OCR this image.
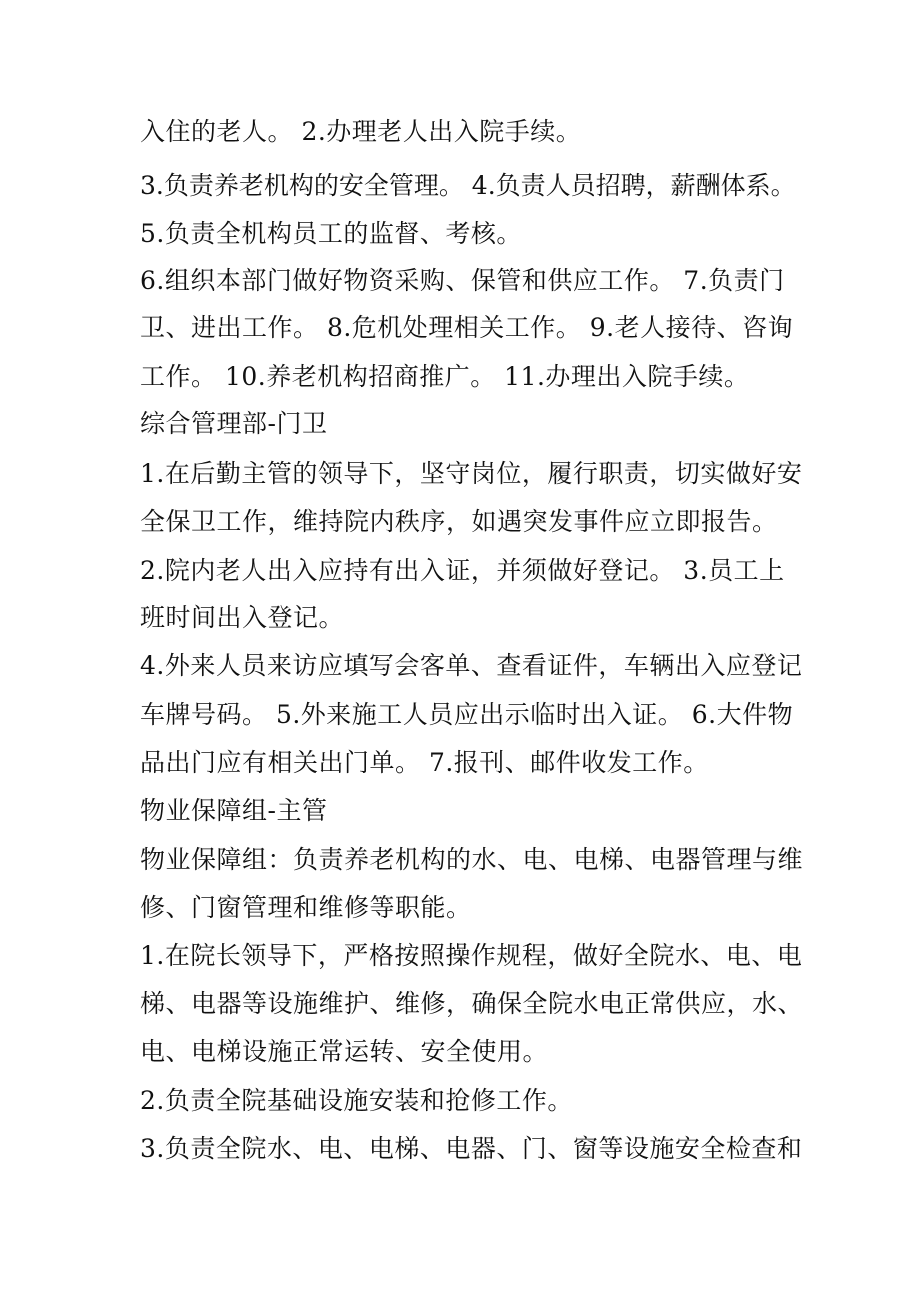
入住的老人。 2.办理老人出入院手续。
3.负责养老机构的安全管理。 4.负责人员招聘，薪酬体系。
5.负责全机构员工的监督、考核。
6.组织本部门做好物资采购、保管和供应工作。 7.负责门
卫、进出工作。 8.危机处理相关工作。 9.老人接待、咨询
工作。 10.养老机构招商推广。 11.办理出入院手续。
综合管理部-门卫
1.在后勤主管的领导下，坚守岗位，履行职责，切实做好安
全保卫工作，维持院内秩序，如遇突发事件应立即报告。
2.院内老人出入应持有出入证，并须做好登记。 3.员工上
班时间出入登记。
4.外来人员来访应填写会客单、查看证件，车辆出入应登记
车牌号码。 5.外来施工人员应出示临时出入证。 6.大件物
品出门应有相关出门单。 7.报刊、邮件收发工作。
物业保障组-主管
物业保障组：负责养老机构的水、电、电梯、电器管理与维
修、门窗管理和维修等职能。
1.在院长领导下，严格按照操作规程，做好全院水、电、电
梯、电器等设施维护、维修，确保全院水电正常供应，水、
电、电梯设施正常运转、安全使用。
2.负责全院基础设施安装和抢修工作。
3.负责全院水、电、电梯、电器、门、窗等设施安全检查和
